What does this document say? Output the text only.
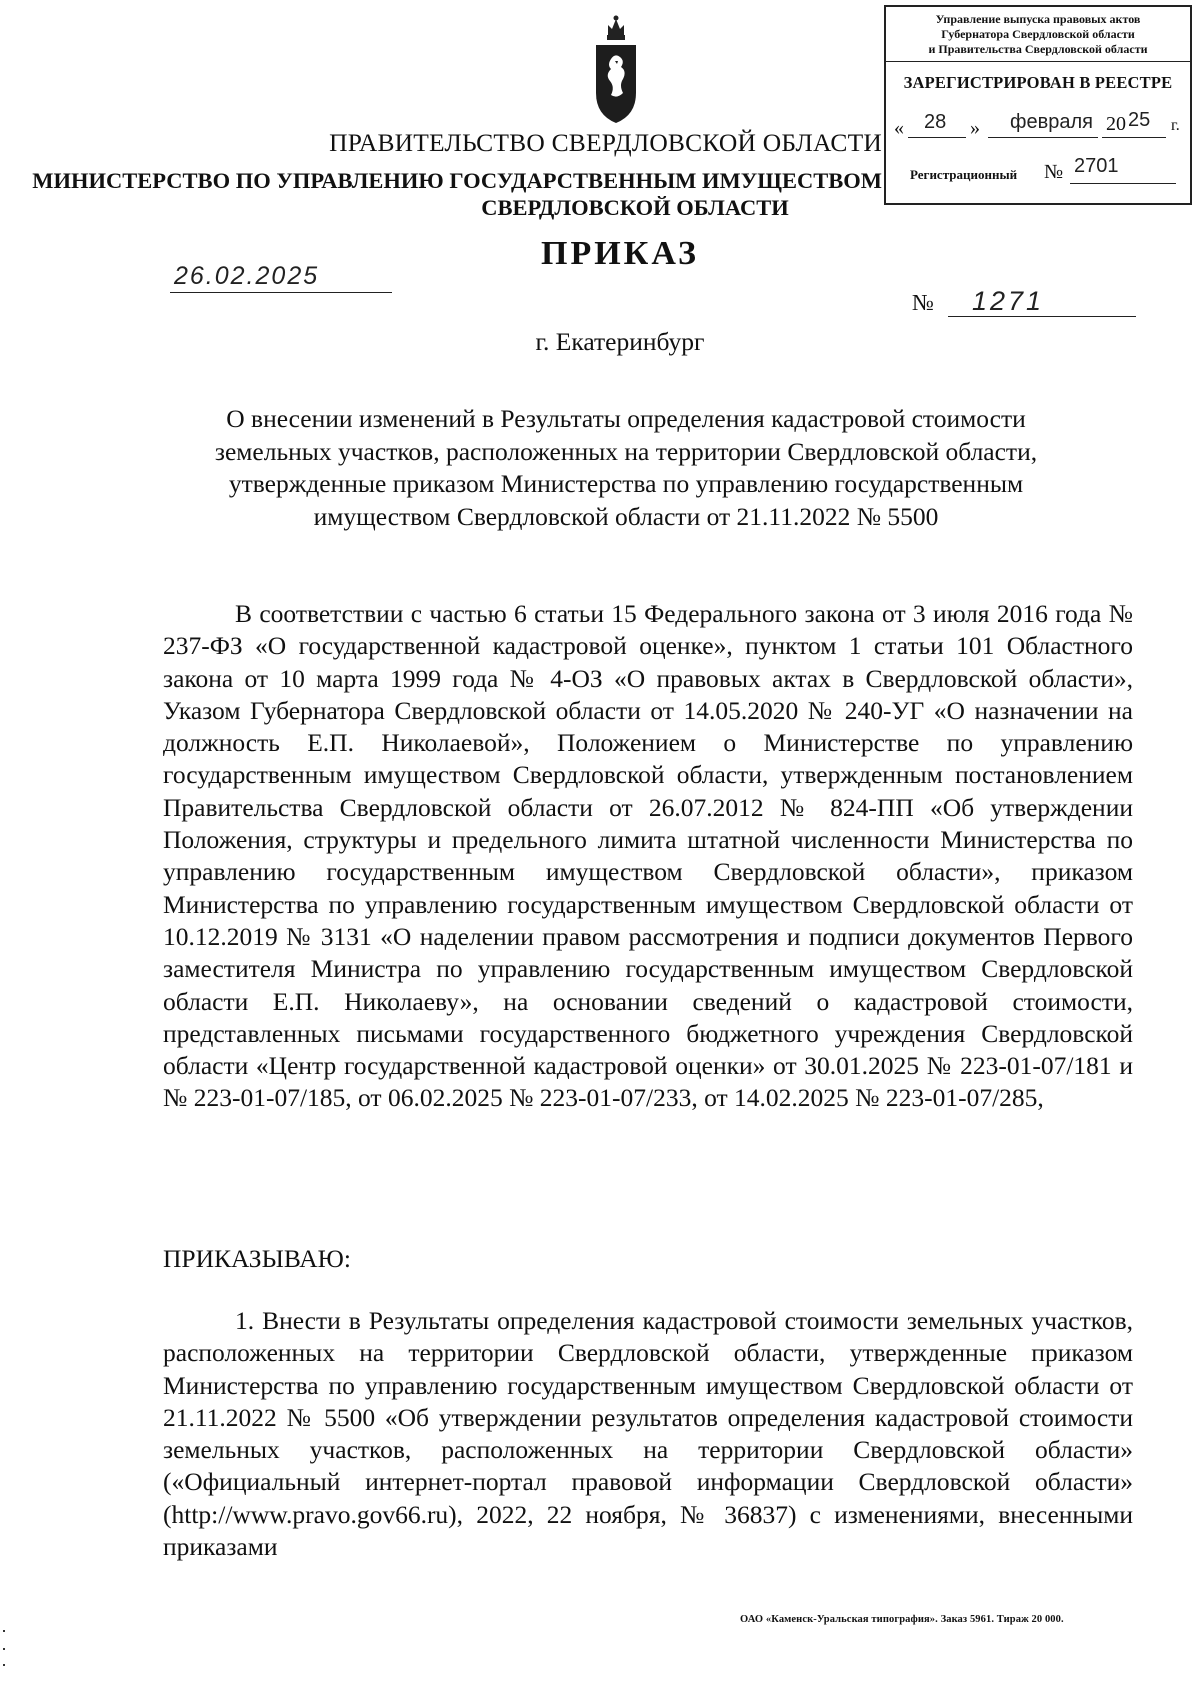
Управление выпуска правовых актов
Губернатора Свердловской области
и Правительства Свердловской области
ЗАРЕГИСТРИРОВАН В РЕЕСТРЕ
« 28 » февраля 20 25 г.
Регистрационный № 2701
ПРАВИТЕЛЬСТВО СВЕРДЛОВСКОЙ ОБЛАСТИ
МИНИСТЕРСТВО ПО УПРАВЛЕНИЮ ГОСУДАРСТВЕННЫМ ИМУЩЕСТВОМ
СВЕРДЛОВСКОЙ ОБЛАСТИ
ПРИКАЗ
26.02.2025
№ 1271
г. Екатеринбург
О внесении изменений в Результаты определения кадастровой стоимости
земельных участков, расположенных на территории Свердловской области,
утвержденные приказом Министерства по управлению государственным
имуществом Свердловской области от 21.11.2022 № 5500
В соответствии с частью 6 статьи 15 Федерального закона от 3 июля 2016 года № 237-ФЗ «О государственной кадастровой оценке», пунктом 1 статьи 101 Областного закона от 10 марта 1999 года № 4-ОЗ «О правовых актах в Свердловской области», Указом Губернатора Свердловской области от 14.05.2020 № 240-УГ «О назначении на должность Е.П. Николаевой», Положением о Министерстве по управлению государственным имуществом Свердловской области, утвержденным постановлением Правительства Свердловской области от 26.07.2012 № 824-ПП «Об утверждении Положения, структуры и предельного лимита штатной численности Министерства по управлению государственным имуществом Свердловской области», приказом Министерства по управлению государственным имуществом Свердловской области от 10.12.2019 № 3131 «О наделении правом рассмотрения и подписи документов Первого заместителя Министра по управлению государственным имуществом Свердловской области Е.П. Николаеву», на основании сведений о кадастровой стоимости, представленных письмами государственного бюджетного учреждения Свердловской области «Центр государственной кадастровой оценки» от 30.01.2025 № 223-01-07/181 и № 223-01-07/185, от 06.02.2025 № 223-01-07/233, от 14.02.2025 № 223-01-07/285,
ПРИКАЗЫВАЮ:
1. Внести в Результаты определения кадастровой стоимости земельных участков, расположенных на территории Свердловской области, утвержденные приказом Министерства по управлению государственным имуществом Свердловской области от 21.11.2022 № 5500 «Об утверждении результатов определения кадастровой стоимости земельных участков, расположенных на территории Свердловской области» («Официальный интернет-портал правовой информации Свердловской области» (http://www.pravo.gov66.ru), 2022, 22 ноября, № 36837) с изменениями, внесенными приказами
ОАО «Каменск-Уральская типография». Заказ 5961. Тираж 20 000.
